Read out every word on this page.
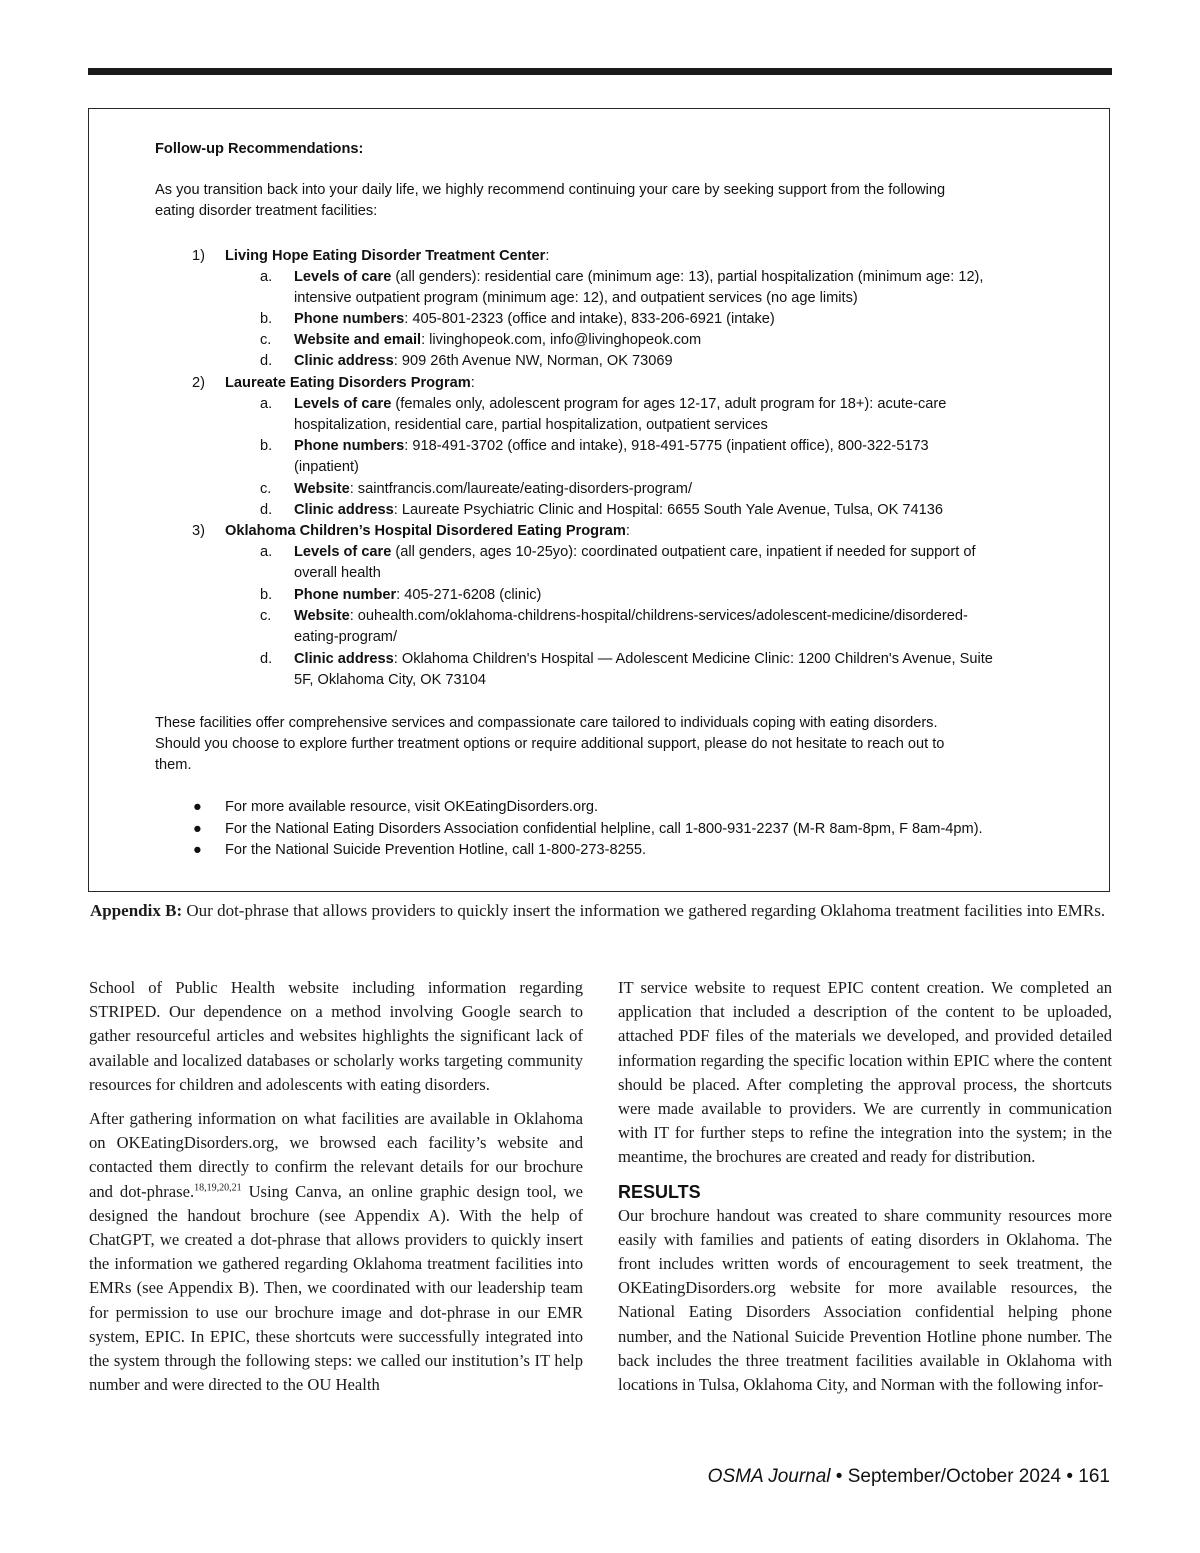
Follow-up Recommendations:
As you transition back into your daily life, we highly recommend continuing your care by seeking support from the following
eating disorder treatment facilities:
1) Living Hope Eating Disorder Treatment Center:
a. Levels of care (all genders): residential care (minimum age: 13), partial hospitalization (minimum age: 12),
intensive outpatient program (minimum age: 12), and outpatient services (no age limits)
b. Phone numbers: 405-801-2323 (office and intake), 833-206-6921 (intake)
c. Website and email: livinghopeok.com, info@livinghopeok.com
d. Clinic address: 909 26th Avenue NW, Norman, OK 73069
2) Laureate Eating Disorders Program:
a. Levels of care (females only, adolescent program for ages 12-17, adult program for 18+): acute-care
hospitalization, residential care, partial hospitalization, outpatient services
b. Phone numbers: 918-491-3702 (office and intake), 918-491-5775 (inpatient office), 800-322-5173
(inpatient)
c. Website: saintfrancis.com/laureate/eating-disorders-program/
d. Clinic address: Laureate Psychiatric Clinic and Hospital: 6655 South Yale Avenue, Tulsa, OK 74136
3) Oklahoma Children’s Hospital Disordered Eating Program:
a. Levels of care (all genders, ages 10-25yo): coordinated outpatient care, inpatient if needed for support of
overall health
b. Phone number: 405-271-6208 (clinic)
c. Website: ouhealth.com/oklahoma-childrens-hospital/childrens-services/adolescent-medicine/disordered-
eating-program/
d. Clinic address: Oklahoma Children's Hospital — Adolescent Medicine Clinic: 1200 Children's Avenue, Suite
5F, Oklahoma City, OK 73104
These facilities offer comprehensive services and compassionate care tailored to individuals coping with eating disorders.
Should you choose to explore further treatment options or require additional support, please do not hesitate to reach out to
them.
● For more available resource, visit OKEatingDisorders.org.
● For the National Eating Disorders Association confidential helpline, call 1-800-931-2237 (M-R 8am-8pm, F 8am-4pm).
● For the National Suicide Prevention Hotline, call 1-800-273-8255.
Appendix B: Our dot-phrase that allows providers to quickly insert the information we gathered regarding Oklahoma treatment facilities into EMRs.

School of Public Health website including information regarding STRIPED. Our dependence on a method involving Google search to gather resourceful articles and websites highlights the significant lack of available and localized databases or scholarly works targeting community resources for children and adolescents with eating disorders.

After gathering information on what facilities are available in Oklahoma on OKEatingDisorders.org, we browsed each facility’s website and contacted them directly to confirm the relevant details for our brochure and dot-phrase.$^{18,19,20,21}$ Using Canva, an online graphic design tool, we designed the handout brochure (see Appendix A). With the help of ChatGPT, we created a dot-phrase that allows providers to quickly insert the information we gathered regarding Oklahoma treatment facilities into EMRs (see Appendix B). Then, we coordinated with our leadership team for permission to use our brochure image and dot-phrase in our EMR system, EPIC. In EPIC, these shortcuts were successfully integrated into the system through the following steps: we called our institution’s IT help number and were directed to the OU Health

IT service website to request EPIC content creation. We completed an application that included a description of the content to be uploaded, attached PDF files of the materials we developed, and provided detailed information regarding the specific location within EPIC where the content should be placed. After completing the approval process, the shortcuts were made available to providers. We are currently in communication with IT for further steps to refine the integration into the system; in the meantime, the brochures are created and ready for distribution.

RESULTS

Our brochure handout was created to share community resources more easily with families and patients of eating disorders in Oklahoma. The front includes written words of encouragement to seek treatment, the OKEatingDisorders.org website for more available resources, the National Eating Disorders Association confidential helping phone number, and the National Suicide Prevention Hotline phone number. The back includes the three treatment facilities available in Oklahoma with locations in Tulsa, Oklahoma City, and Norman with the following infor-

OSMA Journal • September/October 2024 • 161
